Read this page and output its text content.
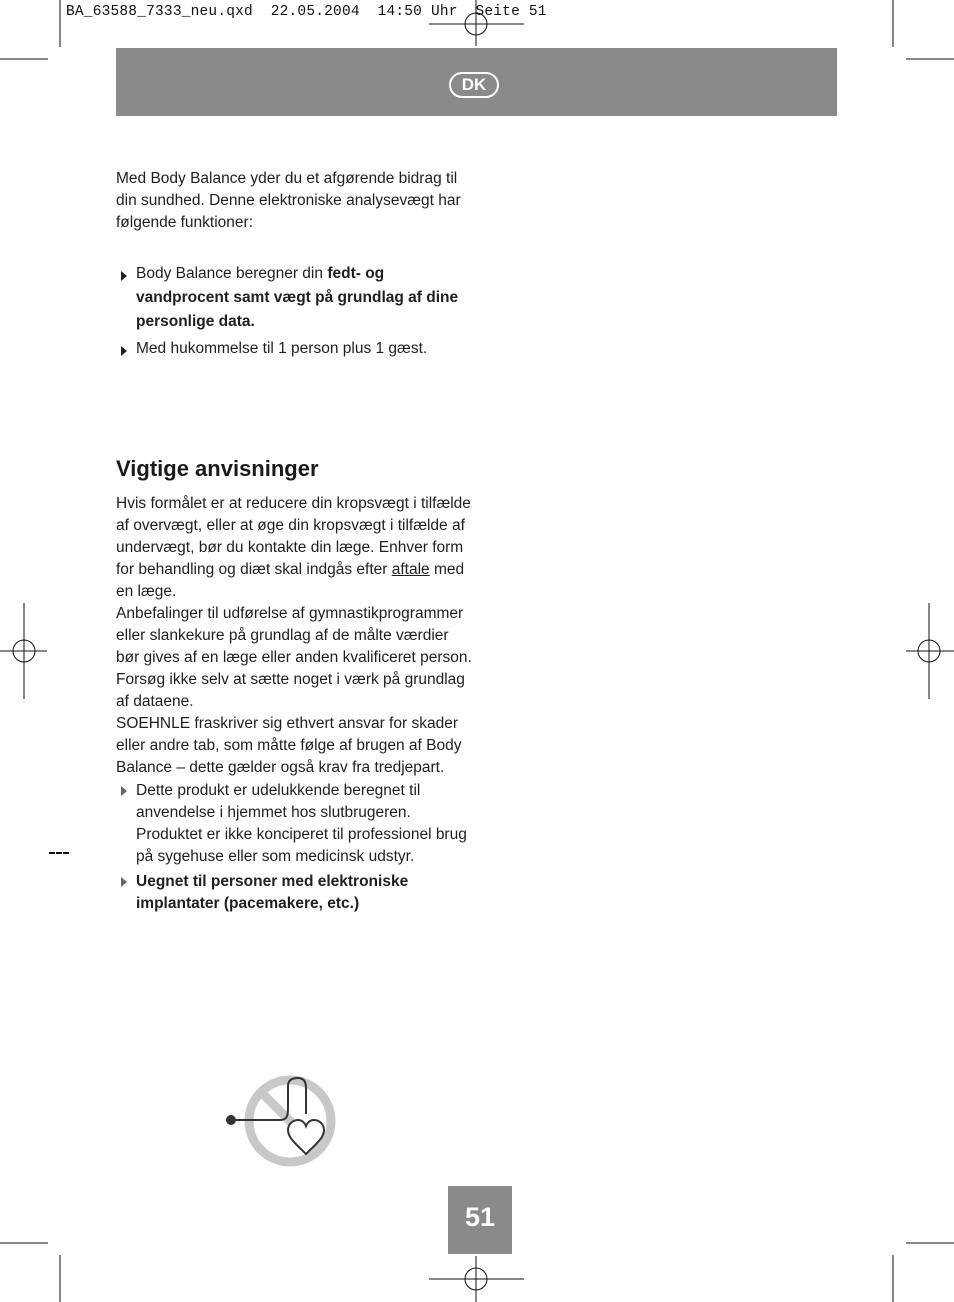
BA_63588_7333_neu.qxd  22.05.2004  14:50 Uhr  Seite 51
DK
Med Body Balance yder du et afgørende bidrag til din sundhed. Denne elektroniske analysevægt har følgende funktioner:
Body Balance beregner din fedt- og vandprocent samt vægt på grundlag af dine personlige data.
Med hukommelse til 1 person plus 1 gæst.
Vigtige anvisninger

Hvis formålet er at reducere din kropsvægt i tilfælde af overvægt, eller at øge din kropsvægt i tilfælde af undervægt, bør du kontakte din læge. Enhver form for behandling og diæt skal indgås efter aftale med en læge.

Anbefalinger til udførelse af gymnastikprogrammer eller slankekure på grundlag af de målte værdier bør gives af en læge eller anden kvalificeret person. Forsøg ikke selv at sætte noget i værk på grundlag af dataene.

SOEHNLE fraskriver sig ethvert ansvar for skader eller andre tab, som måtte følge af brugen af Body Balance – dette gælder også krav fra tredjepart.

Dette produkt er udelukkende beregnet til anvendelse i hjemmet hos slutbrugeren. Produktet er ikke konciperet til professionel brug på sygehuse eller som medicinsk udstyr.
Uegnet til personer med elektroniske implantater (pacemakere, etc.)
51
